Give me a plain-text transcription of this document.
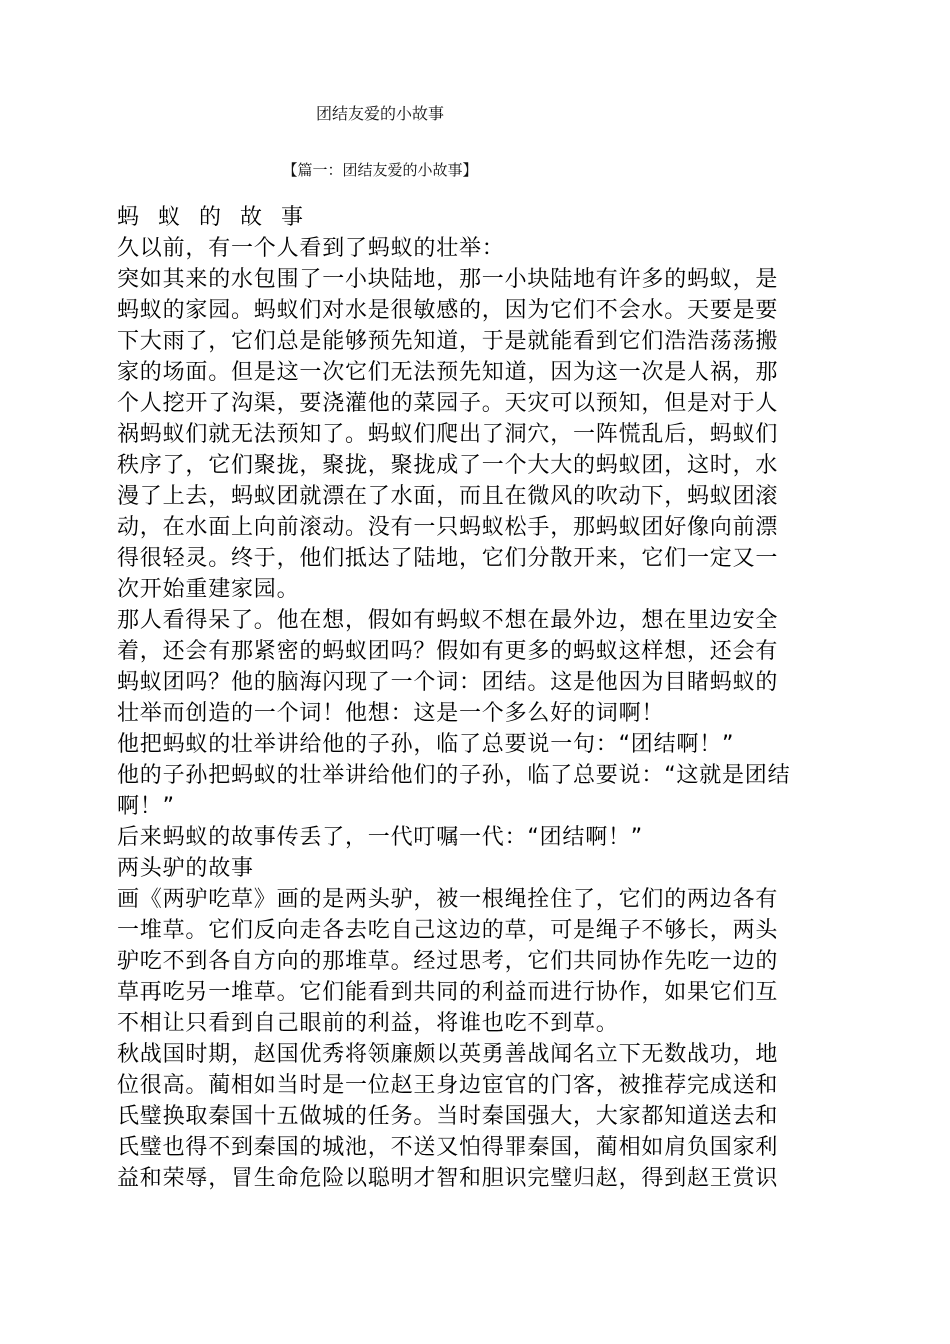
团结友爱的小故事
【篇一：团结友爱的小故事】

蚂 蚁 的 故 事

久以前，有一个人看到了蚂蚁的壮举：

突如其来的水包围了一小块陆地，那一小块陆地有许多的蚂蚁，是

蚂蚁的家园。蚂蚁们对水是很敏感的，因为它们不会水。天要是要

下大雨了，它们总是能够预先知道，于是就能看到它们浩浩荡荡搬

家的场面。但是这一次它们无法预先知道，因为这一次是人祸，那

个人挖开了沟渠，要浇灌他的菜园子。天灾可以预知，但是对于人

祸蚂蚁们就无法预知了。蚂蚁们爬出了洞穴，一阵慌乱后，蚂蚁们

秩序了，它们聚拢，聚拢，聚拢成了一个大大的蚂蚁团，这时，水

漫了上去，蚂蚁团就漂在了水面，而且在微风的吹动下，蚂蚁团滚

动，在水面上向前滚动。没有一只蚂蚁松手，那蚂蚁团好像向前漂

得很轻灵。终于，他们抵达了陆地，它们分散开来，它们一定又一

次开始重建家园。

那人看得呆了。他在想，假如有蚂蚁不想在最外边，想在里边安全

着，还会有那紧密的蚂蚁团吗？假如有更多的蚂蚁这样想，还会有

蚂蚁团吗？他的脑海闪现了一个词：团结。这是他因为目睹蚂蚁的

壮举而创造的一个词！他想：这是一个多么好的词啊！

他把蚂蚁的壮举讲给他的子孙，临了总要说一句：“团结啊！”

他的子孙把蚂蚁的壮举讲给他们的子孙，临了总要说：“这就是团结

啊！”

后来蚂蚁的故事传丢了，一代叮嘱一代：“团结啊！”

两头驴的故事

画《两驴吃草》画的是两头驴，被一根绳拴住了，它们的两边各有

一堆草。它们反向走各去吃自己这边的草，可是绳子不够长，两头

驴吃不到各自方向的那堆草。经过思考，它们共同协作先吃一边的

草再吃另一堆草。它们能看到共同的利益而进行协作，如果它们互

不相让只看到自己眼前的利益，将谁也吃不到草。

秋战国时期，赵国优秀将领廉颇以英勇善战闻名立下无数战功，地

位很高。蔺相如当时是一位赵王身边宦官的门客，被推荐完成送和

氏璧换取秦国十五做城的任务。当时秦国强大，大家都知道送去和

氏璧也得不到秦国的城池，不送又怕得罪秦国，蔺相如肩负国家利

益和荣辱，冒生命危险以聪明才智和胆识完璧归赵，得到赵王赏识
